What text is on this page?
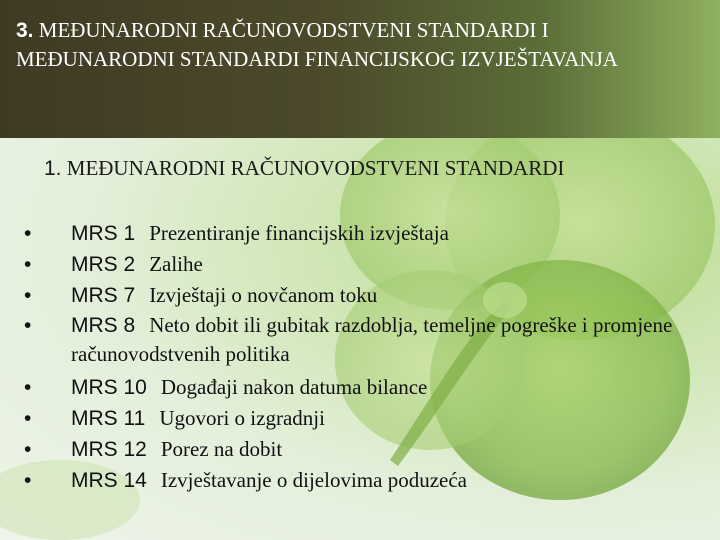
3. MEĐUNARODNI RAČUNOVODSTVENI STANDARDI I MEĐUNARODNI STANDARDI FINANCIJSKOG IZVJEŠTAVANJA
1. MEĐUNARODNI RAČUNOVODSTVENI STANDARDI
• MRS 1 Prezentiranje financijskih izvještaja
• MRS 2 Zalihe
• MRS 7 Izvještaji o novčanom toku
• MRS 8 Neto dobit ili gubitak razdoblja, temeljne pogreške i promjene računovodstvenih politika
• MRS 10 Događaji nakon datuma bilance
• MRS 11 Ugovori o izgradnji
• MRS 12 Porez na dobit
• MRS 14 Izvještavanje o dijelovima poduzeća
